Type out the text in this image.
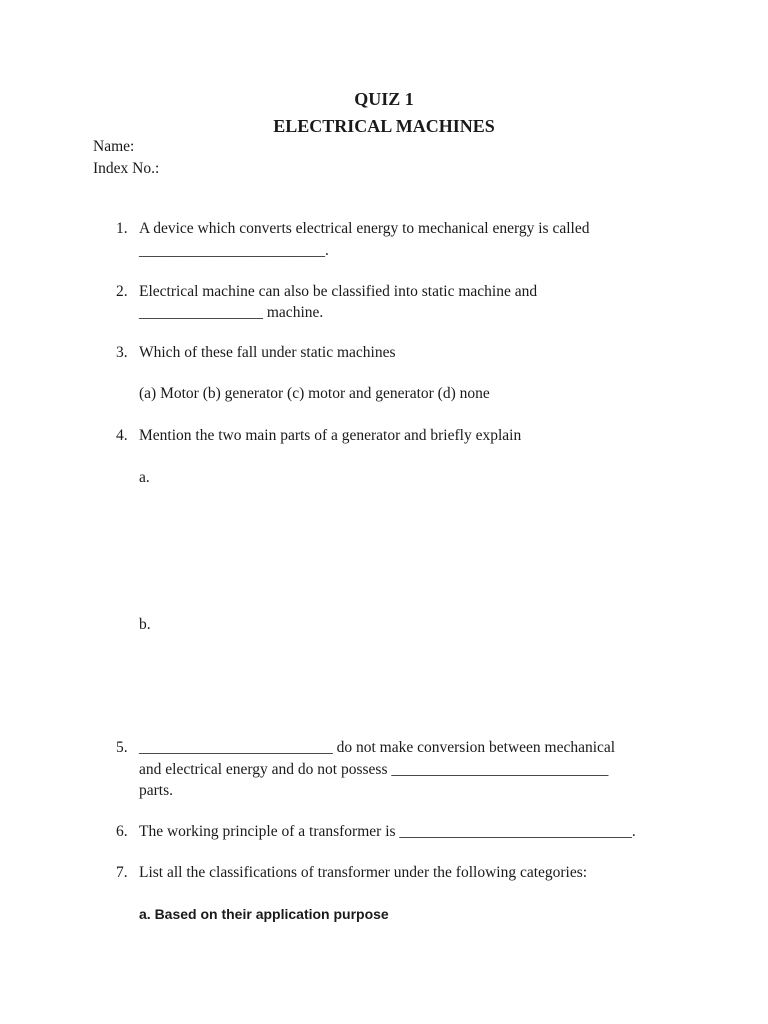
QUIZ 1
ELECTRICAL MACHINES
Name:
Index No.:
1. A device which converts electrical energy to mechanical energy is called
________________________.
2. Electrical machine can also be classified into static machine and
________________ machine.
3. Which of these fall under static machines
(a) Motor (b) generator (c) motor and generator (d) none
4. Mention the two main parts of a generator and briefly explain
a.
b.
5. _________________________ do not make conversion between mechanical
and electrical energy and do not possess ____________________________
parts.
6. The working principle of a transformer is ______________________________.
7. List all the classifications of transformer under the following categories:
a. Based on their application purpose
